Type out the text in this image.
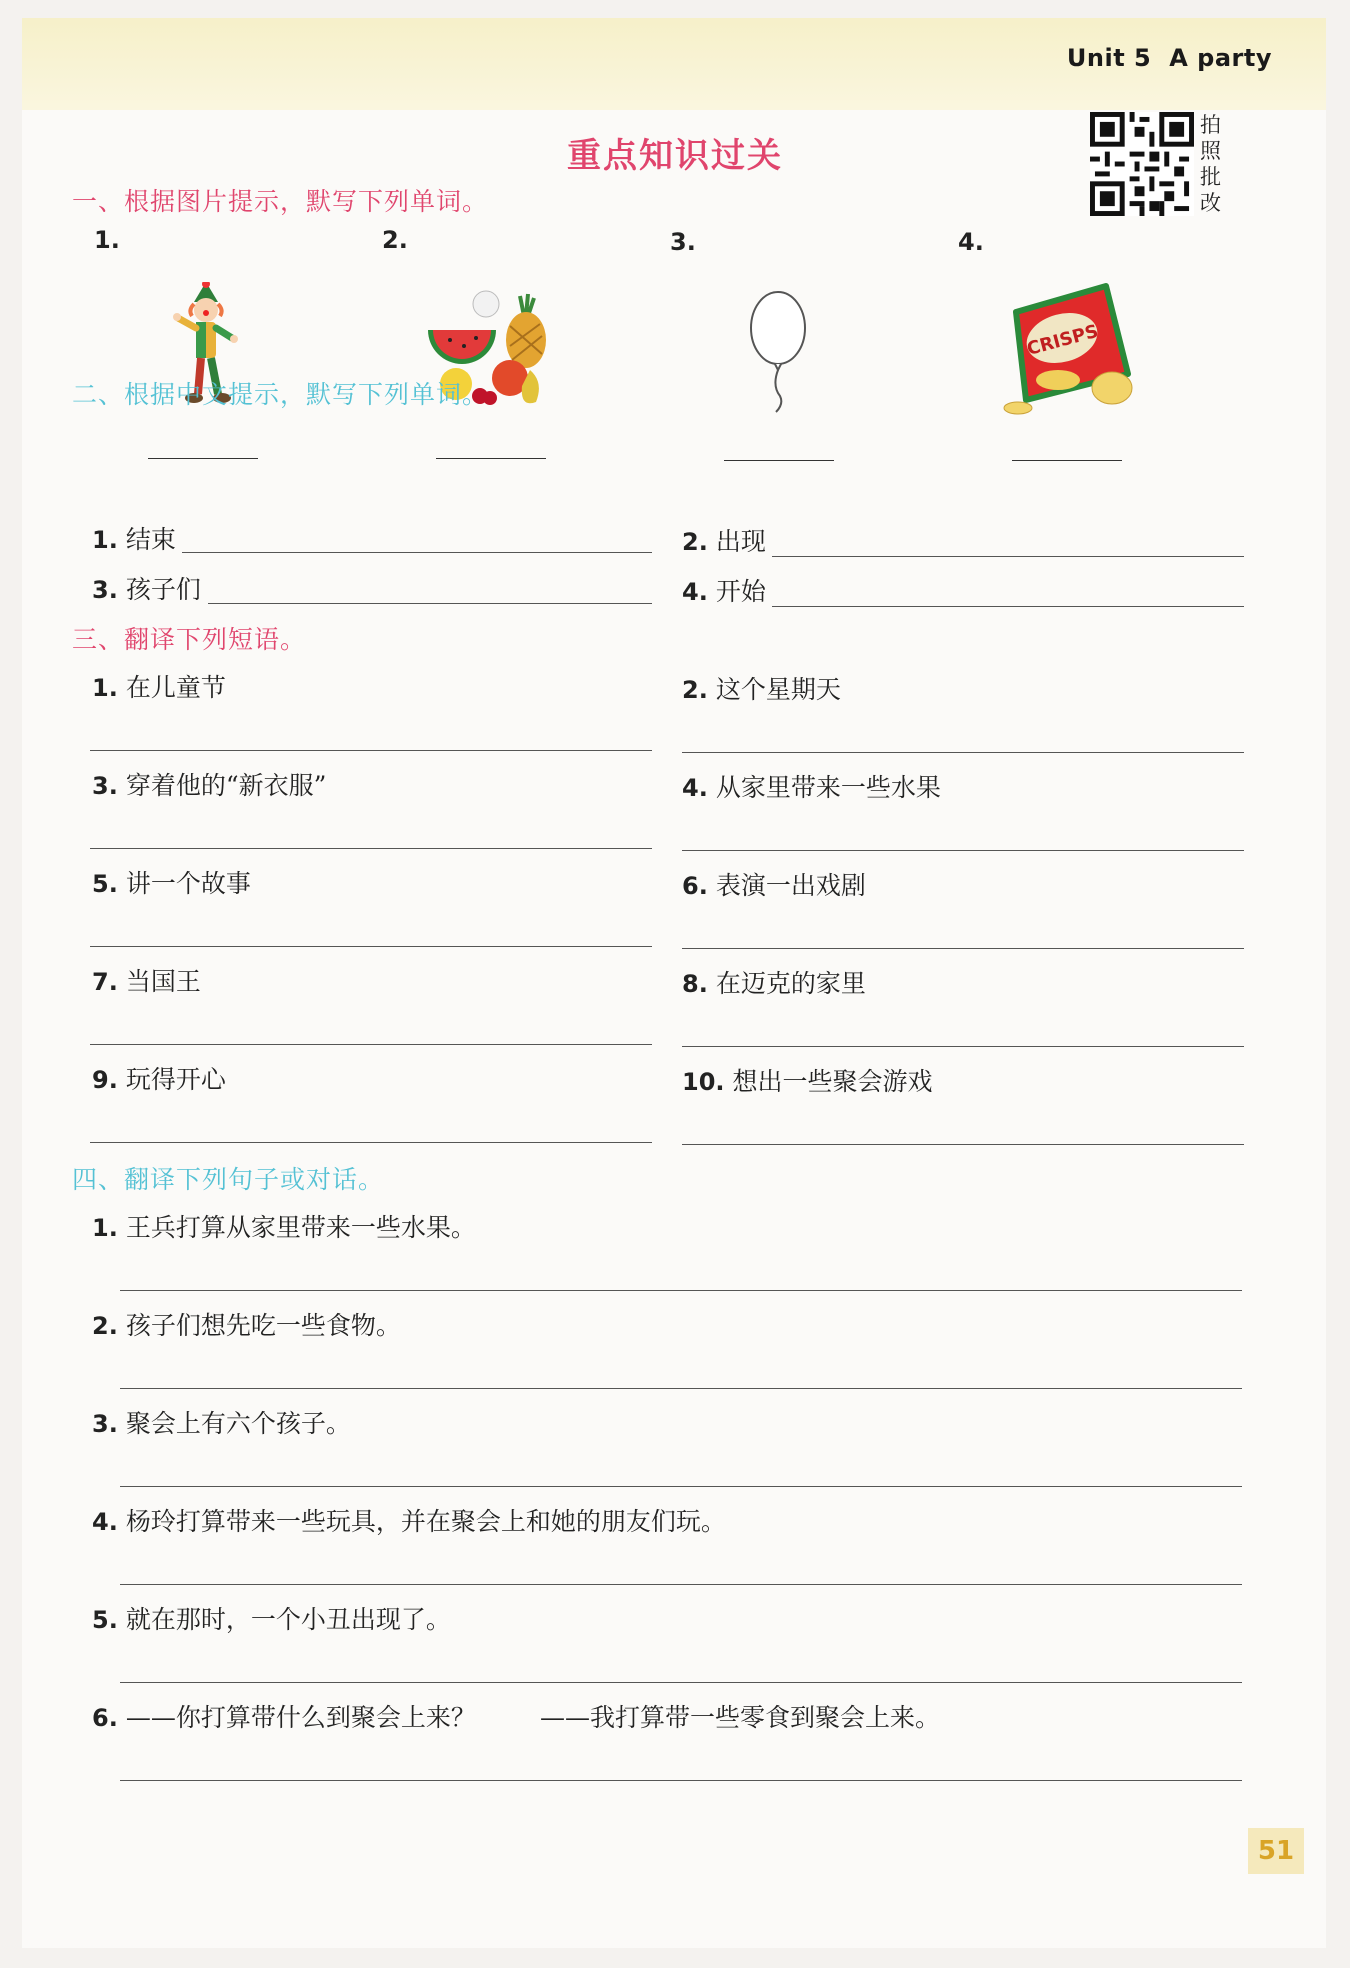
Unit 5 A party
重点知识过关
拍照批改
一、根据图片提示，默写下列单词。
1.	2.	3.	4.
CRISPS
二、根据中文提示，默写下列单词。
1. 结束	2. 出现
3. 孩子们	4. 开始
三、翻译下列短语。
1. 在儿童节	2. 这个星期天
3. 穿着他的“新衣服”	4. 从家里带来一些水果
5. 讲一个故事	6. 表演一出戏剧
7. 当国王	8. 在迈克的家里
9. 玩得开心	10. 想出一些聚会游戏
四、翻译下列句子或对话。
1. 王兵打算从家里带来一些水果。
2. 孩子们想先吃一些食物。
3. 聚会上有六个孩子。
4. 杨玲打算带来一些玩具，并在聚会上和她的朋友们玩。
5. 就在那时，一个小丑出现了。
6. ——你打算带什么到聚会上来？	——我打算带一些零食到聚会上来。
51
